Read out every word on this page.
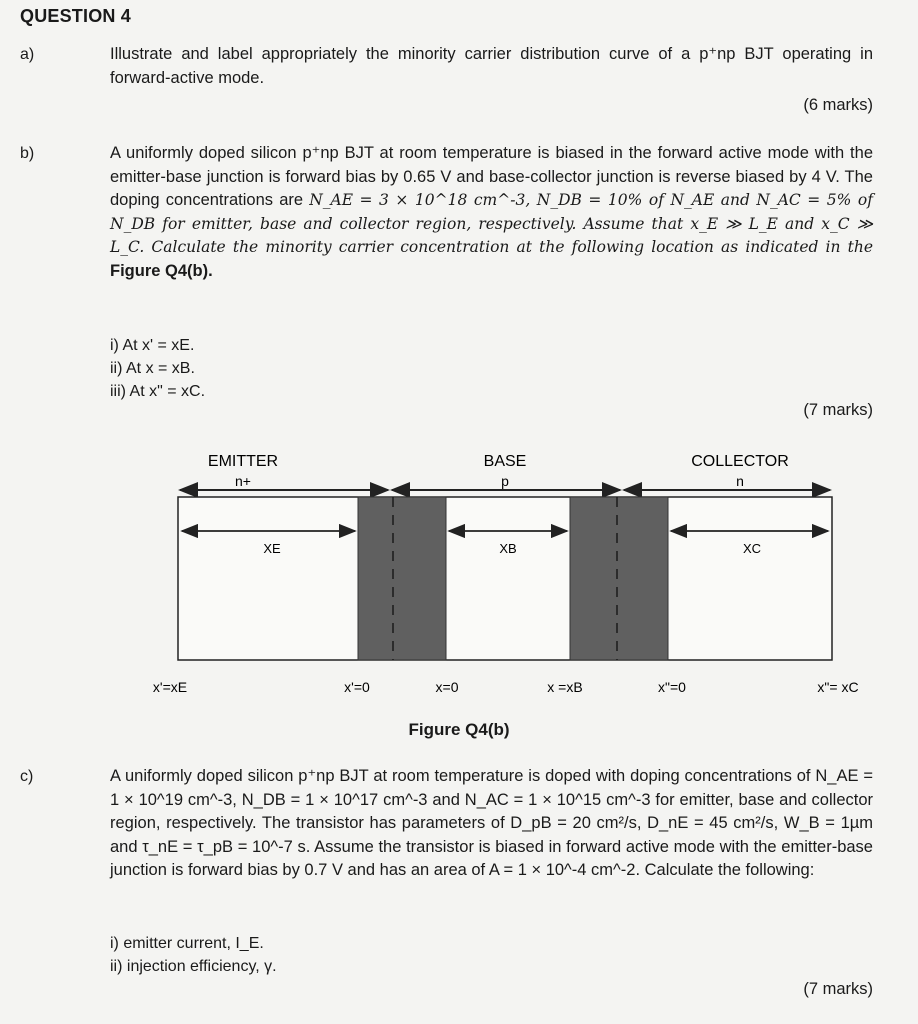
QUESTION 4
a)	Illustrate and label appropriately the minority carrier distribution curve of a p⁺np BJT operating in forward-active mode.

(6 marks)
b)	A uniformly doped silicon p⁺np BJT at room temperature is biased in the forward active mode with the emitter-base junction is forward bias by 0.65 V and base-collector junction is reverse biased by 4 V. The doping concentrations are N_AE = 3 × 10^18 cm^-3, N_DB = 10% of N_AE and N_AC = 5% of N_DB for emitter, base and collector region, respectively. Assume that x_E ≫ L_E and x_C ≫ L_C. Calculate the minority carrier concentration at the following location as indicated in the Figure Q4(b).

i) At x' = xE.
ii) At x = xB.
iii) At x" = xC.
(7 marks)
EMITTER	BASE	COLLECTOR
n+	p	n
XE	XB	XC
x'=xE	x'=0	x=0	x =xB	x"=0	x"= xC
Figure Q4(b)
c)	A uniformly doped silicon p⁺np BJT at room temperature is doped with doping concentrations of N_AE = 1 × 10^19 cm^-3, N_DB = 1 × 10^17 cm^-3 and N_AC = 1 × 10^15 cm^-3 for emitter, base and collector region, respectively. The transistor has parameters of D_pB = 20 cm²/s, D_nE = 45 cm²/s, W_B = 1µm and τ_nE = τ_pB = 10^-7 s. Assume the transistor is biased in forward active mode with the emitter-base junction is forward bias by 0.7 V and has an area of A = 1 × 10^-4 cm^-2. Calculate the following:

i) emitter current, I_E.
ii) injection efficiency, γ.
(7 marks)
